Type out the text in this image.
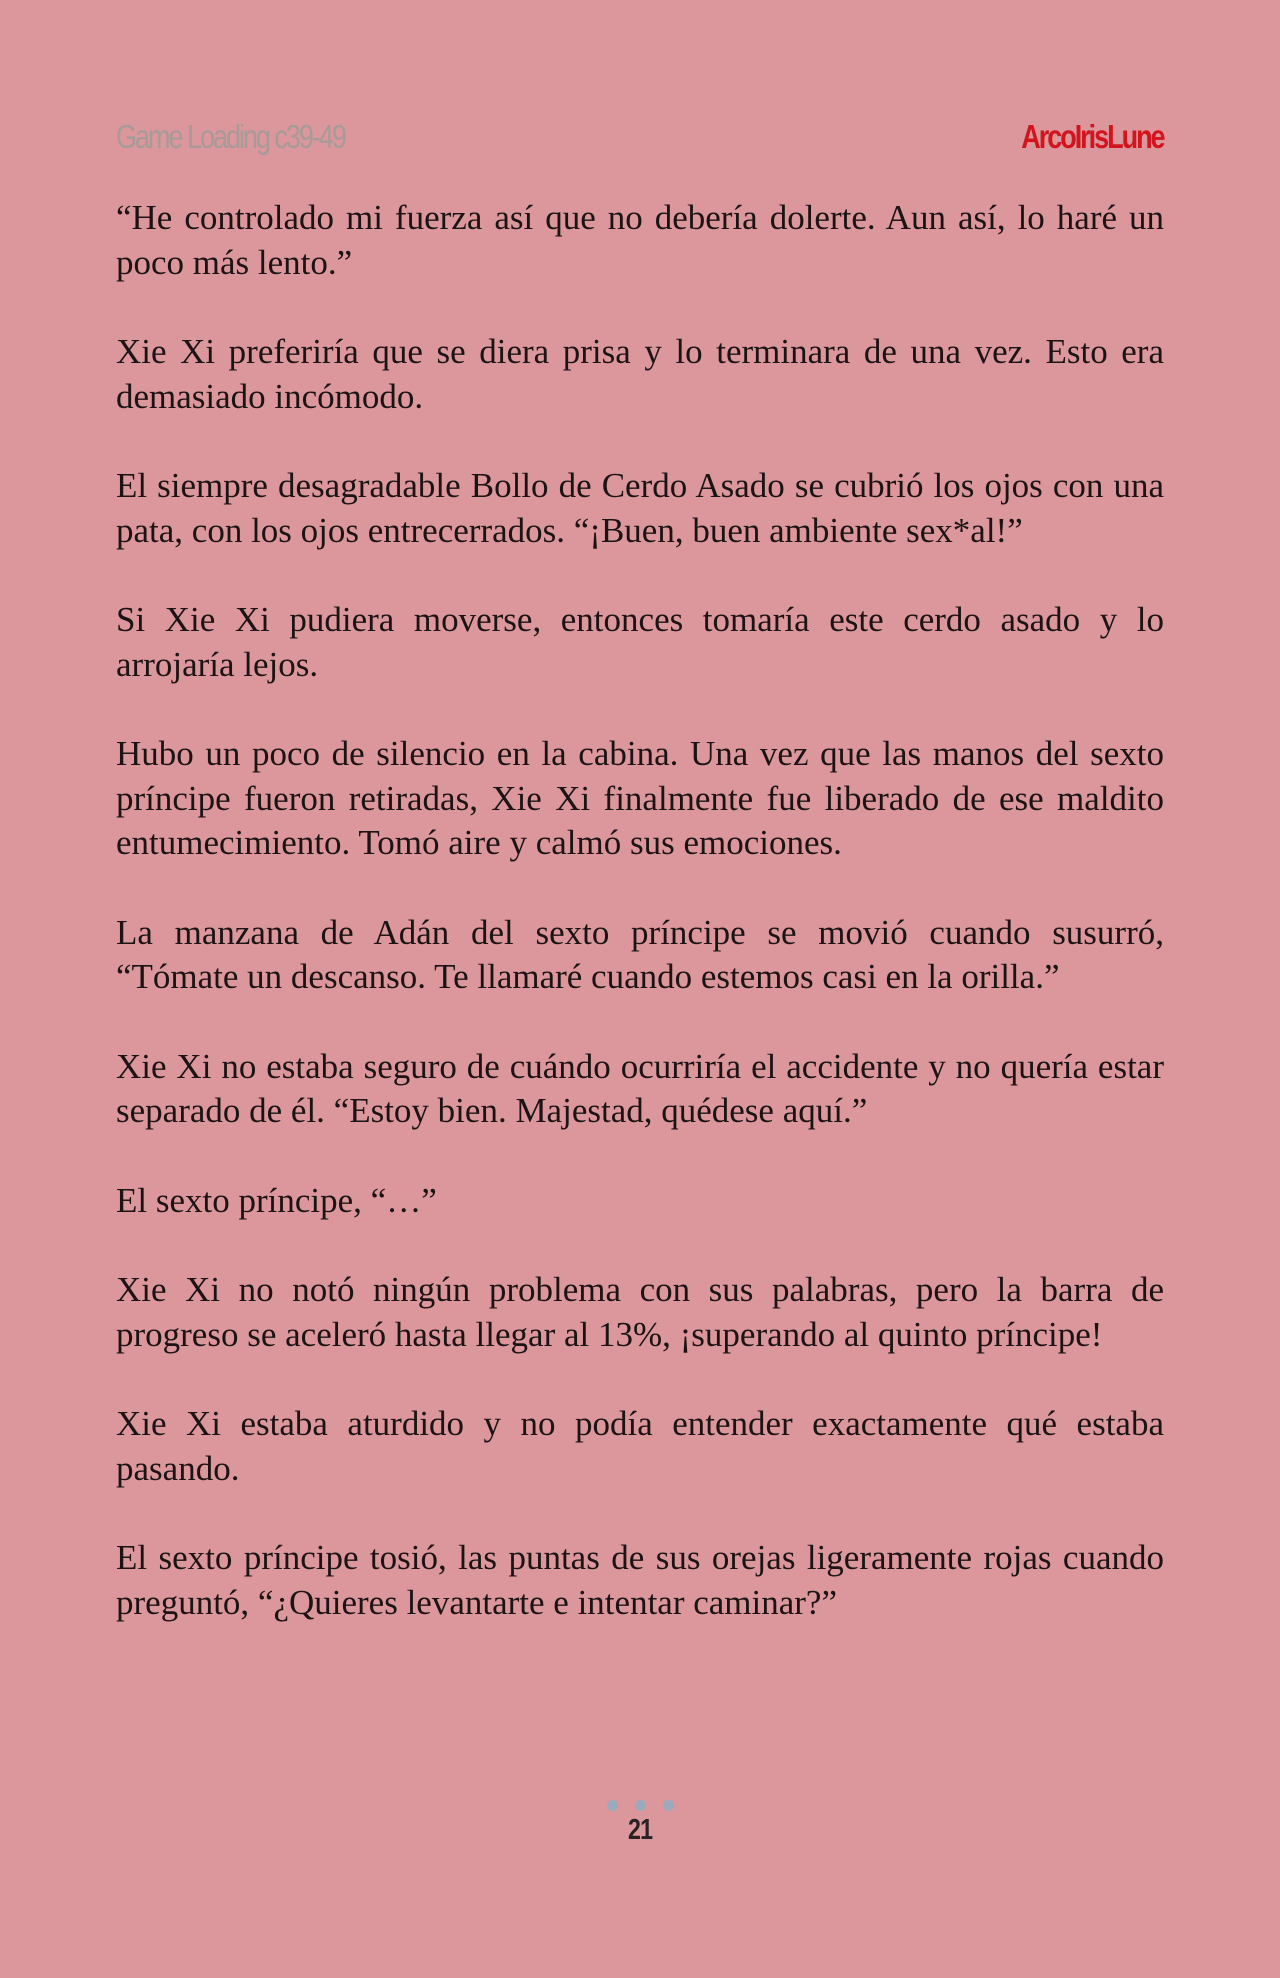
Game Loading c39-49	ArcoIrisLune

“He controlado mi fuerza así que no debería dolerte. Aun así, lo haré un poco más lento.”

Xie Xi preferiría que se diera prisa y lo terminara de una vez. Esto era demasiado incómodo.

El siempre desagradable Bollo de Cerdo Asado se cubrió los ojos con una pata, con los ojos entrecerrados. “¡Buen, buen ambiente sex*al!”

Si Xie Xi pudiera moverse, entonces tomaría este cerdo asado y lo arrojaría lejos.

Hubo un poco de silencio en la cabina. Una vez que las manos del sexto príncipe fueron retiradas, Xie Xi finalmente fue liberado de ese maldito entumecimiento. Tomó aire y calmó sus emociones.

La manzana de Adán del sexto príncipe se movió cuando susurró, “Tómate un descanso. Te llamaré cuando estemos casi en la orilla.”

Xie Xi no estaba seguro de cuándo ocurriría el accidente y no quería estar separado de él. “Estoy bien. Majestad, quédese aquí.”

El sexto príncipe, “…”

Xie Xi no notó ningún problema con sus palabras, pero la barra de progreso se aceleró hasta llegar al 13%, ¡superando al quinto príncipe!

Xie Xi estaba aturdido y no podía entender exactamente qué estaba pasando.

El sexto príncipe tosió, las puntas de sus orejas ligeramente rojas cuando preguntó, “¿Quieres levantarte e intentar caminar?”

21
